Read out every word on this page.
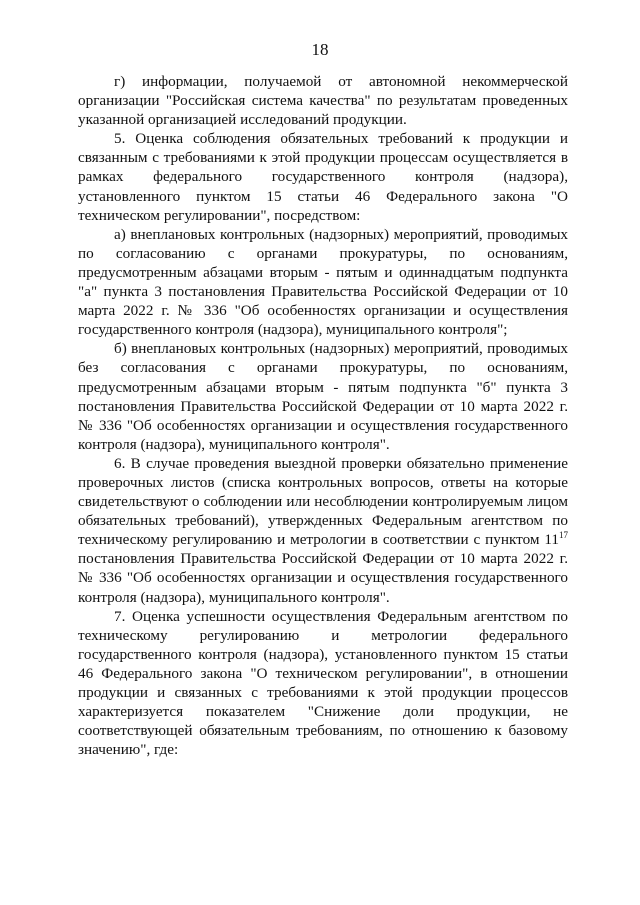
18

г) информации, получаемой от автономной некоммерческой организации "Российская система качества" по результатам проведенных указанной организацией исследований продукции.

5. Оценка соблюдения обязательных требований к продукции и связанным с требованиями к этой продукции процессам осуществляется в рамках федерального государственного контроля (надзора), установленного пунктом 15 статьи 46 Федерального закона "О техническом регулировании", посредством:

а) внеплановых контрольных (надзорных) мероприятий, проводимых по согласованию с органами прокуратуры, по основаниям, предусмотренным абзацами вторым - пятым и одиннадцатым подпункта "а" пункта 3 постановления Правительства Российской Федерации от 10 марта 2022 г. № 336 "Об особенностях организации и осуществления государственного контроля (надзора), муниципального контроля";

б) внеплановых контрольных (надзорных) мероприятий, проводимых без согласования с органами прокуратуры, по основаниям, предусмотренным абзацами вторым - пятым подпункта "б" пункта 3 постановления Правительства Российской Федерации от 10 марта 2022 г. № 336 "Об особенностях организации и осуществления государственного контроля (надзора), муниципального контроля".

6. В случае проведения выездной проверки обязательно применение проверочных листов (списка контрольных вопросов, ответы на которые свидетельствуют о соблюдении или несоблюдении контролируемым лицом обязательных требований), утвержденных Федеральным агентством по техническому регулированию и метрологии в соответствии с пунктом $11^{17}$ постановления Правительства Российской Федерации от 10 марта 2022 г. № 336 "Об особенностях организации и осуществления государственного контроля (надзора), муниципального контроля".

7. Оценка успешности осуществления Федеральным агентством по техническому регулированию и метрологии федерального государственного контроля (надзора), установленного пунктом 15 статьи 46 Федерального закона "О техническом регулировании", в отношении продукции и связанных с требованиями к этой продукции процессов характеризуется показателем "Снижение доли продукции, не соответствующей обязательным требованиям, по отношению к базовому значению", где:
